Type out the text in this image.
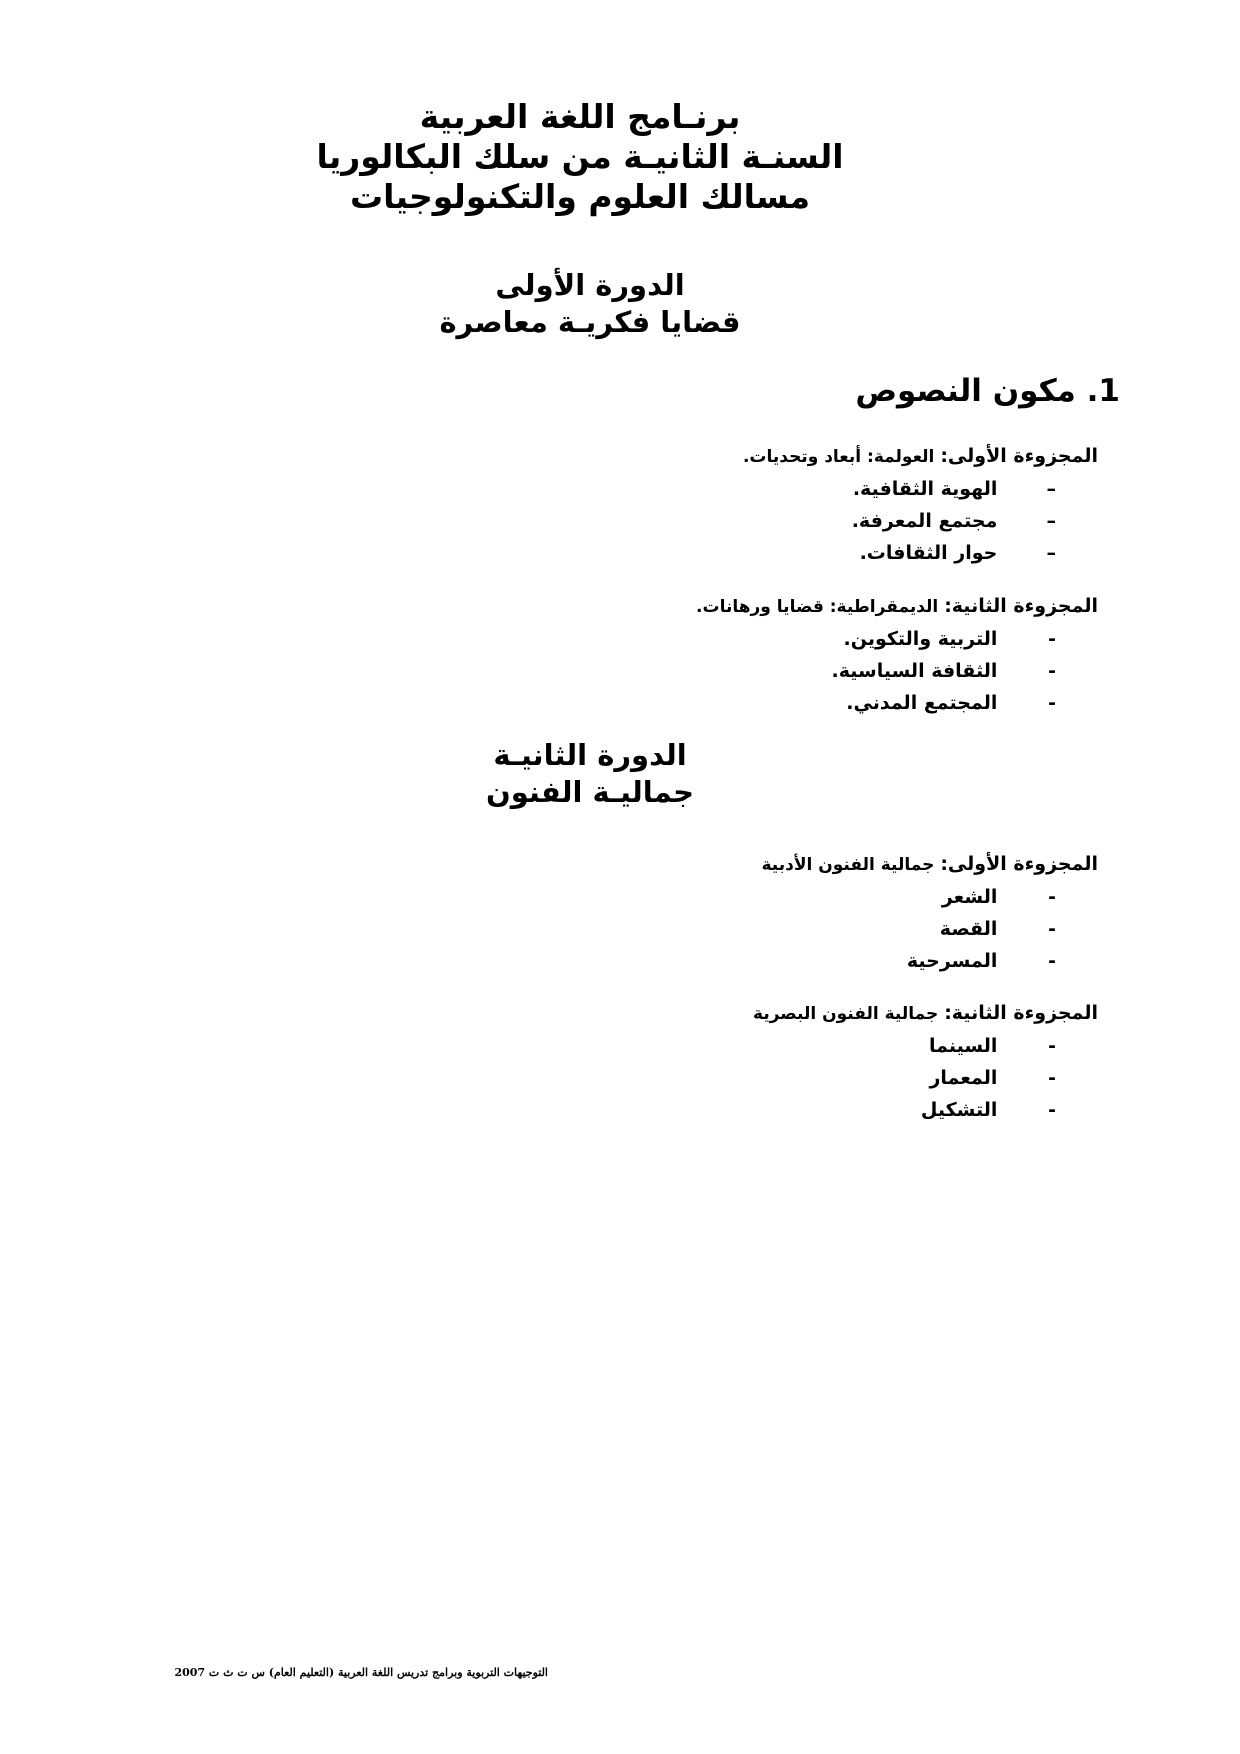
برنـامج اللغة العربية
السنـة الثانيـة من سلك البكالوريا
مسالك العلوم والتكنولوجيات
الدورة الأولى
قضايا فكريـة معاصرة
1. مكون النصوص
المجزوءة الأولى: العولمة: أبعاد وتحديات.
– الهوية الثقافية.
– مجتمع المعرفة.
– حوار الثقافات.
المجزوءة الثانية: الديمقراطية: قضايا ورهانات.
- التربية والتكوين.
- الثقافة السياسية.
- المجتمع المدني.
الدورة الثانيـة
جماليـة الفنون
المجزوءة الأولى: جمالية الفنون الأدبية
- الشعر
- القصة
- المسرحية
المجزوءة الثانية: جمالية الفنون البصرية
- السينما
- المعمار
- التشكيل
التوجيهات التربوية وبرامج تدريس اللغة العربية (التعليم العام) س ت ث ت 2007
